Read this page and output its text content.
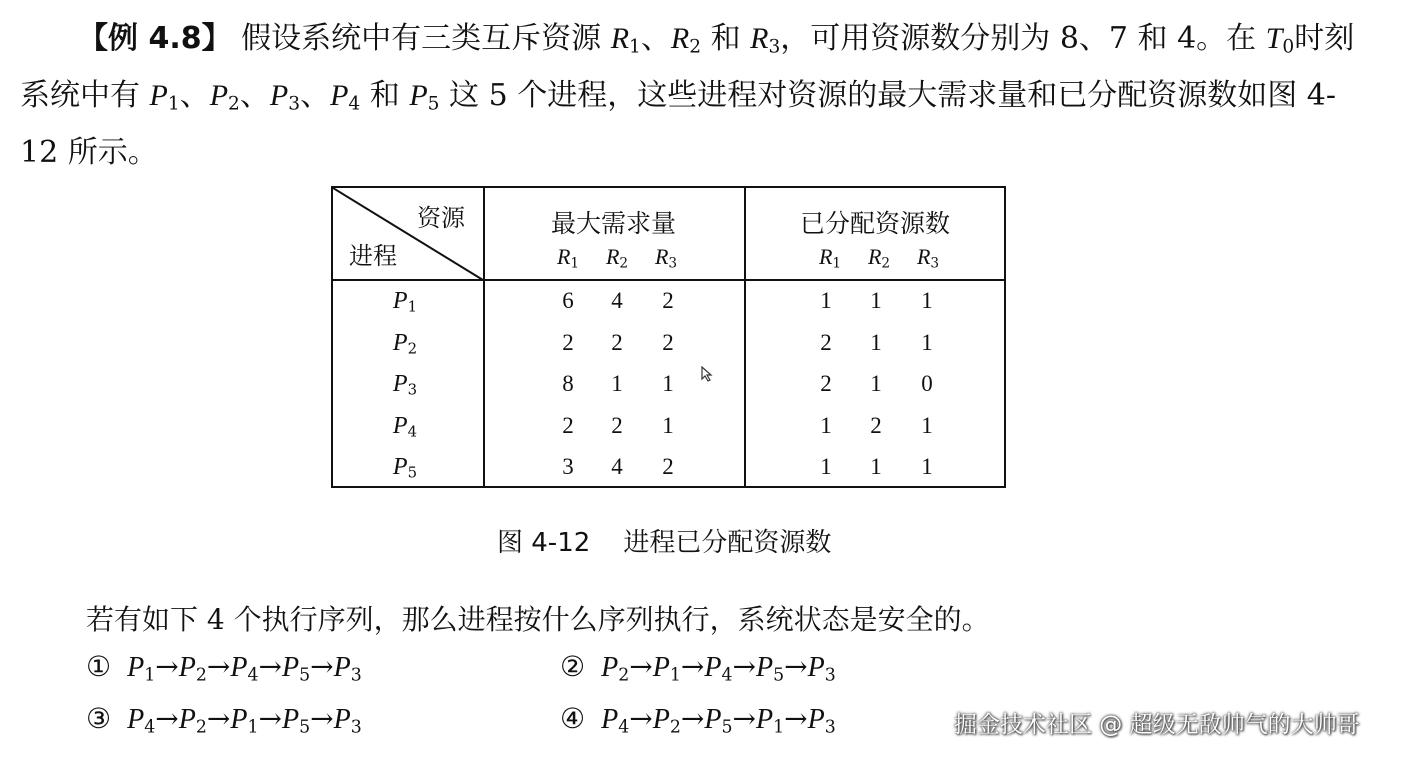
【例 4.8】 假设系统中有三类互斥资源 $R_1$、$R_2$ 和 $R_3$，可用资源数分别为 8、7 和 4。在 $T_0$时刻系统中有 $P_1$、$P_2$、$P_3$、$P_4$ 和 $P_5$ 这 5 个进程，这些进程对资源的最大需求量和已分配资源数如图 4-12 所示。
资源
进程
最大需求量	已分配资源数
$R_1$	$R_2$	$R_3$	$R_1$	$R_2$	$R_3$
$P_1$	6	4	2	1	1	1
$P_2$	2	2	2	2	1	1
$P_3$	8	1	1	2	1	0
$P_4$	2	2	1	1	2	1
$P_5$	3	4	2	1	1	1
图 4-12    进程已分配资源数
若有如下 4 个执行序列，那么进程按什么序列执行，系统状态是安全的。
① $P_1\to P_2\to P_4\to P_5\to P_3$	② $P_2\to P_1\to P_4\to P_5\to P_3$
③ $P_4\to P_2\to P_1\to P_5\to P_3$	④ $P_4\to P_2\to P_5\to P_1\to P_3$	掘金技术社区 @ 超级无敌帅气的大帅哥
